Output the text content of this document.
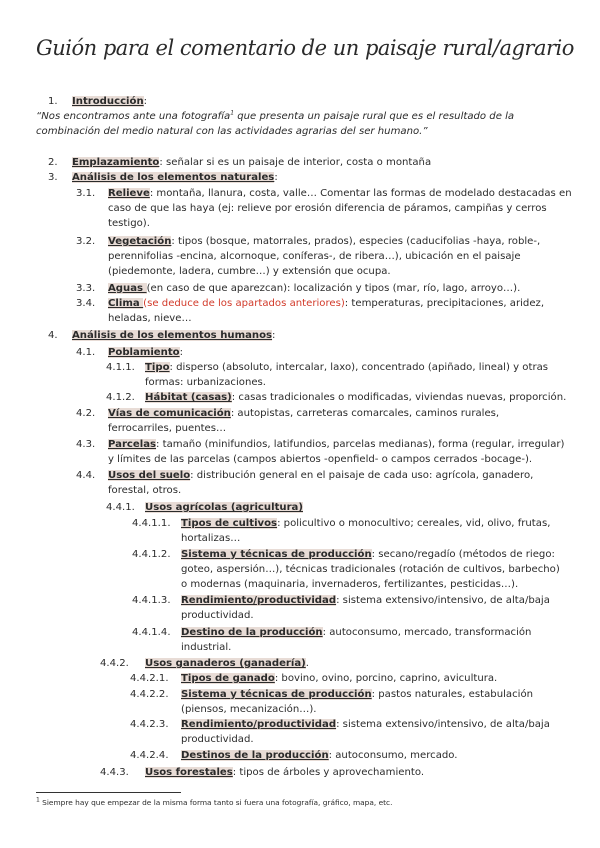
Guión para el comentario de un paisaje rural/agrario
1. Introducción:
“Nos encontramos ante una fotografía$^1$ que presenta un paisaje rural que es el resultado de la
combinación del medio natural con las actividades agrarias del ser humano.”
2. Emplazamiento: señalar si es un paisaje de interior, costa o montaña
3. Análisis de los elementos naturales:
3.1. Relieve: montaña, llanura, costa, valle… Comentar las formas de modelado destacadas en
caso de que las haya (ej: relieve por erosión diferencia de páramos, campiñas y cerros
testigo).
3.2. Vegetación: tipos (bosque, matorrales, prados), especies (caducifolias -haya, roble-,
perennifolias -encina, alcornoque, coníferas-, de ribera…), ubicación en el paisaje
(piedemonte, ladera, cumbre…) y extensión que ocupa.
3.3. Aguas (en caso de que aparezcan): localización y tipos (mar, río, lago, arroyo…).
3.4. Clima (se deduce de los apartados anteriores): temperaturas, precipitaciones, aridez,
heladas, nieve…
4. Análisis de los elementos humanos:
4.1. Poblamiento:
4.1.1. Tipo: disperso (absoluto, intercalar, laxo), concentrado (apiñado, lineal) y otras
formas: urbanizaciones.
4.1.2. Hábitat (casas): casas tradicionales o modificadas, viviendas nuevas, proporción.
4.2. Vías de comunicación: autopistas, carreteras comarcales, caminos rurales,
ferrocarriles, puentes…
4.3. Parcelas: tamaño (minifundios, latifundios, parcelas medianas), forma (regular, irregular)
y límites de las parcelas (campos abiertos -openfield- o campos cerrados -bocage-).
4.4. Usos del suelo: distribución general en el paisaje de cada uso: agrícola, ganadero,
forestal, otros.
4.4.1. Usos agrícolas (agricultura)
4.4.1.1. Tipos de cultivos: policultivo o monocultivo; cereales, vid, olivo, frutas,
hortalizas…
4.4.1.2. Sistema y técnicas de producción: secano/regadío (métodos de riego:
goteo, aspersión…), técnicas tradicionales (rotación de cultivos, barbecho)
o modernas (maquinaria, invernaderos, fertilizantes, pesticidas…).
4.4.1.3. Rendimiento/productividad: sistema extensivo/intensivo, de alta/baja
productividad.
4.4.1.4. Destino de la producción: autoconsumo, mercado, transformación
industrial.
4.4.2. Usos ganaderos (ganadería).
4.4.2.1. Tipos de ganado: bovino, ovino, porcino, caprino, avicultura.
4.4.2.2. Sistema y técnicas de producción: pastos naturales, estabulación
(piensos, mecanización…).
4.4.2.3. Rendimiento/productividad: sistema extensivo/intensivo, de alta/baja
productividad.
4.4.2.4. Destinos de la producción: autoconsumo, mercado.
4.4.3. Usos forestales: tipos de árboles y aprovechamiento.
$^1$ Siempre hay que empezar de la misma forma tanto si fuera una fotografía, gráfico, mapa, etc.
